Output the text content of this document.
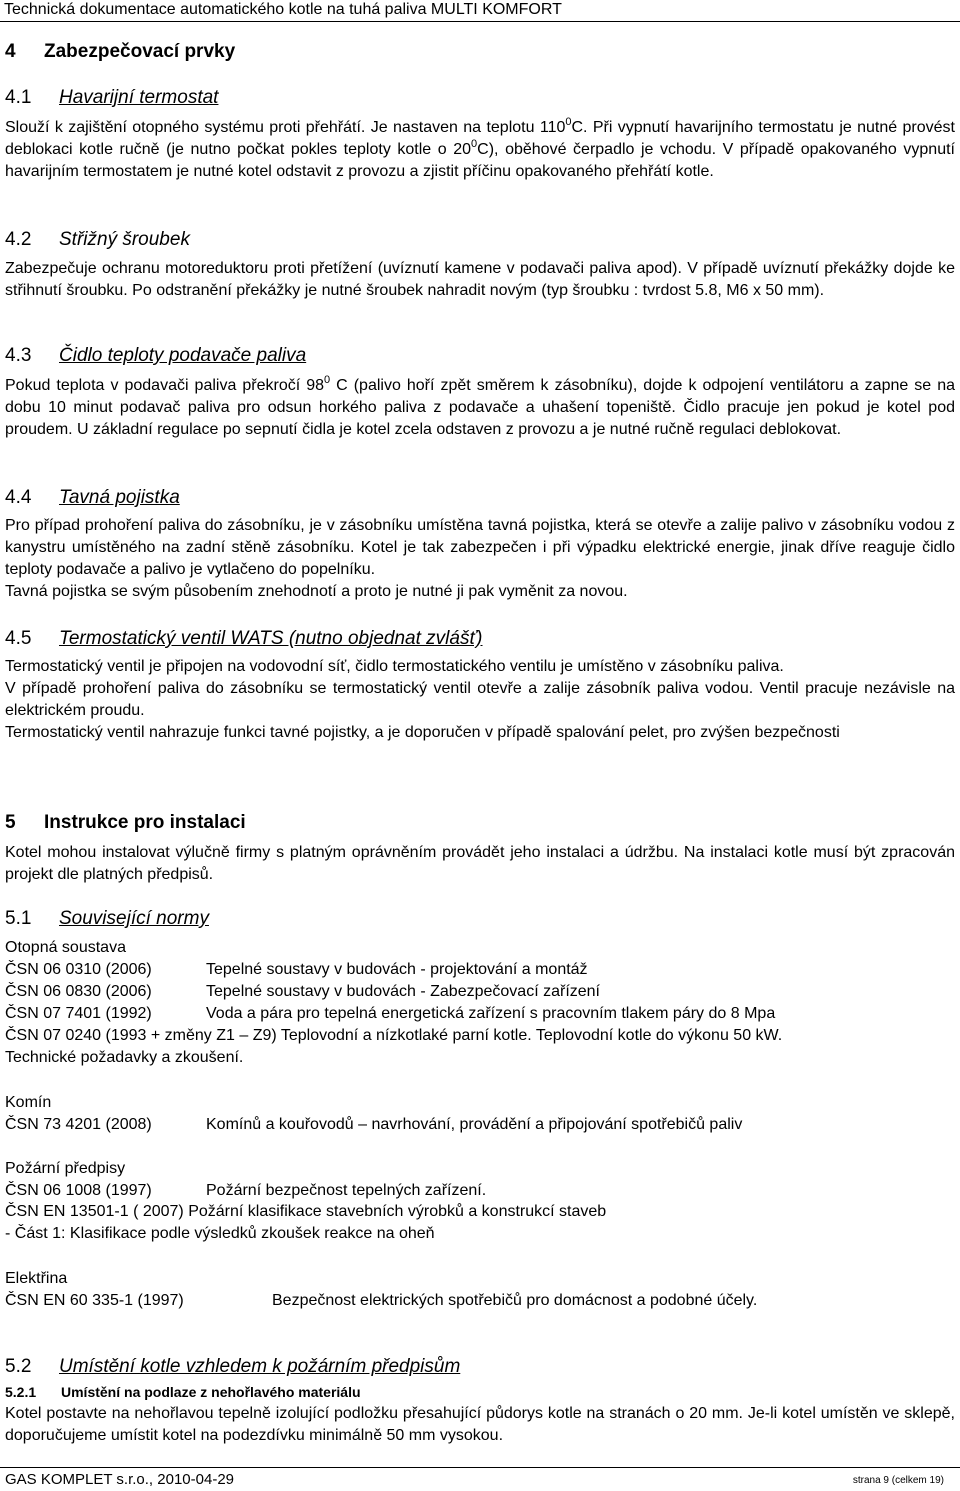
Technická dokumentace automatického kotle na tuhá paliva MULTI KOMFORT
4 Zabezpečovací prvky
4.1 Havarijní termostat
Slouží k zajištění otopného systému proti přehřátí. Je nastaven na teplotu $110^0C$. Při vypnutí havarijního termostatu je nutné provést deblokaci kotle ručně (je nutno počkat pokles teploty kotle o $20^0C$), oběhové čerpadlo je vchodu. V případě opakovaného vypnutí havarijním termostatem je nutné kotel odstavit z provozu a zjistit příčinu opakovaného přehřátí kotle.
4.2 Střižný šroubek
Zabezpečuje ochranu motoreduktoru proti přetížení (uvíznutí kamene v podavači paliva apod). V případě uvíznutí překážky dojde ke střihnutí šroubku. Po odstranění překážky je nutné šroubek nahradit novým (typ šroubku : tvrdost 5.8, M6 x 50 mm).
4.3 Čidlo teploty podavače paliva
Pokud teplota v podavači paliva překročí $98^0$ C (palivo hoří zpět směrem k zásobníku), dojde k odpojení ventilátoru a zapne se na dobu 10 minut podavač paliva pro odsun horkého paliva z podavače a uhašení topeniště. Čidlo pracuje jen pokud je kotel pod proudem. U základní regulace po sepnutí čidla je kotel zcela odstaven z provozu a je nutné ručně regulaci deblokovat.
4.4 Tavná pojistka
Pro případ prohoření paliva do zásobníku, je v zásobníku umístěna tavná pojistka, která se otevře a zalije palivo v zásobníku vodou z kanystru umístěného na zadní stěně zásobníku. Kotel je tak zabezpečen i při výpadku elektrické energie, jinak dříve reaguje čidlo teploty podavače a palivo je vytlačeno do popelníku.
Tavná pojistka se svým působením znehodnotí a proto je nutné ji pak vyměnit za novou.
4.5 Termostatický ventil WATS (nutno objednat zvlášť)
Termostatický ventil je připojen na vodovodní síť, čidlo termostatického ventilu je umístěno v zásobníku paliva.
V případě prohoření paliva do zásobníku se termostatický ventil otevře a zalije zásobník paliva vodou. Ventil pracuje nezávisle na elektrickém proudu.
Termostatický ventil nahrazuje funkci tavné pojistky, a je doporučen v případě spalování pelet, pro zvýšen bezpečnosti
5 Instrukce pro instalaci
Kotel mohou instalovat výlučně firmy s platným oprávněním provádět jeho instalaci a údržbu. Na instalaci kotle musí být zpracován projekt dle platných předpisů.
5.1 Související normy
Otopná soustava
ČSN 06 0310 (2006)	Tepelné soustavy v budovách - projektování a montáž
ČSN 06 0830 (2006)	Tepelné soustavy v budovách - Zabezpečovací zařízení
ČSN 07 7401 (1992)	Voda a pára pro tepelná energetická zařízení s pracovním tlakem páry do 8 Mpa
ČSN 07 0240 (1993 + změny Z1 – Z9) Teplovodní a nízkotlaké parní kotle. Teplovodní kotle do výkonu 50 kW.
Technické požadavky a zkoušení.
Komín
ČSN 73 4201 (2008)	Komínů a kouřovodů – navrhování, provádění a připojování spotřebičů paliv
Požární předpisy
ČSN 06 1008 (1997)	Požární bezpečnost tepelných zařízení.
ČSN EN 13501-1 ( 2007) Požární klasifikace stavebních výrobků a konstrukcí staveb
- Část 1: Klasifikace podle výsledků zkoušek reakce na oheň
Elektřina
ČSN EN 60 335-1 (1997)	Bezpečnost elektrických spotřebičů pro domácnost a podobné účely.
5.2 Umístění kotle vzhledem k požárním předpisům
5.2.1 Umístění na podlaze z nehořlavého materiálu
Kotel postavte na nehořlavou tepelně izolující podložku přesahující půdorys kotle na stranách o 20 mm. Je-li kotel umístěn ve sklepě, doporučujeme umístit kotel na podezdívku minimálně 50 mm vysokou.
GAS KOMPLET s.r.o., 2010-04-29	strana 9 (celkem 19)
